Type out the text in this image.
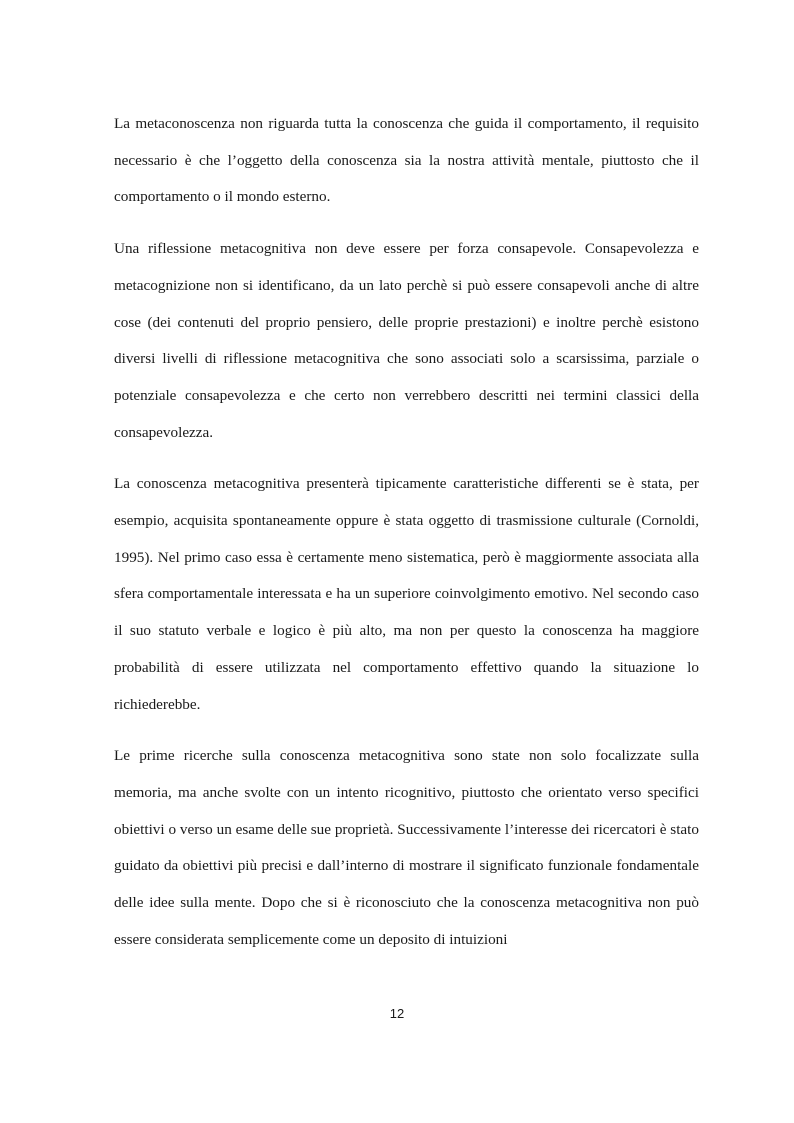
La metaconoscenza non riguarda tutta la conoscenza che guida il comportamento, il requisito necessario è che l’oggetto della conoscenza sia la nostra attività mentale, piuttosto che il comportamento o il mondo esterno.

Una riflessione metacognitiva non deve essere per forza consapevole. Consapevolezza e metacognizione non si identificano, da un lato perchè si può essere consapevoli anche di altre cose (dei contenuti del proprio pensiero, delle proprie prestazioni) e inoltre perchè esistono diversi livelli di riflessione metacognitiva che sono associati solo a scarsissima, parziale o potenziale consapevolezza e che certo non verrebbero descritti nei termini classici della consapevolezza.

La conoscenza metacognitiva presenterà tipicamente caratteristiche differenti se è stata, per esempio, acquisita spontaneamente oppure è stata oggetto di trasmissione culturale (Cornoldi, 1995). Nel primo caso essa è certamente meno sistematica, però è maggiormente associata alla sfera comportamentale interessata e ha un superiore coinvolgimento emotivo. Nel secondo caso il suo statuto verbale e logico è più alto, ma non per questo la conoscenza ha maggiore probabilità di essere utilizzata nel comportamento effettivo quando la situazione lo richiederebbe.

Le prime ricerche sulla conoscenza metacognitiva sono state non solo focalizzate sulla memoria, ma anche svolte con un intento ricognitivo, piuttosto che orientato verso specifici obiettivi o verso un esame delle sue proprietà. Successivamente l’interesse dei ricercatori è stato guidato da obiettivi più precisi e dall’interno di mostrare il significato funzionale fondamentale delle idee sulla mente. Dopo che si è riconosciuto che la conoscenza metacognitiva non può essere considerata semplicemente come un deposito di intuizioni

12
